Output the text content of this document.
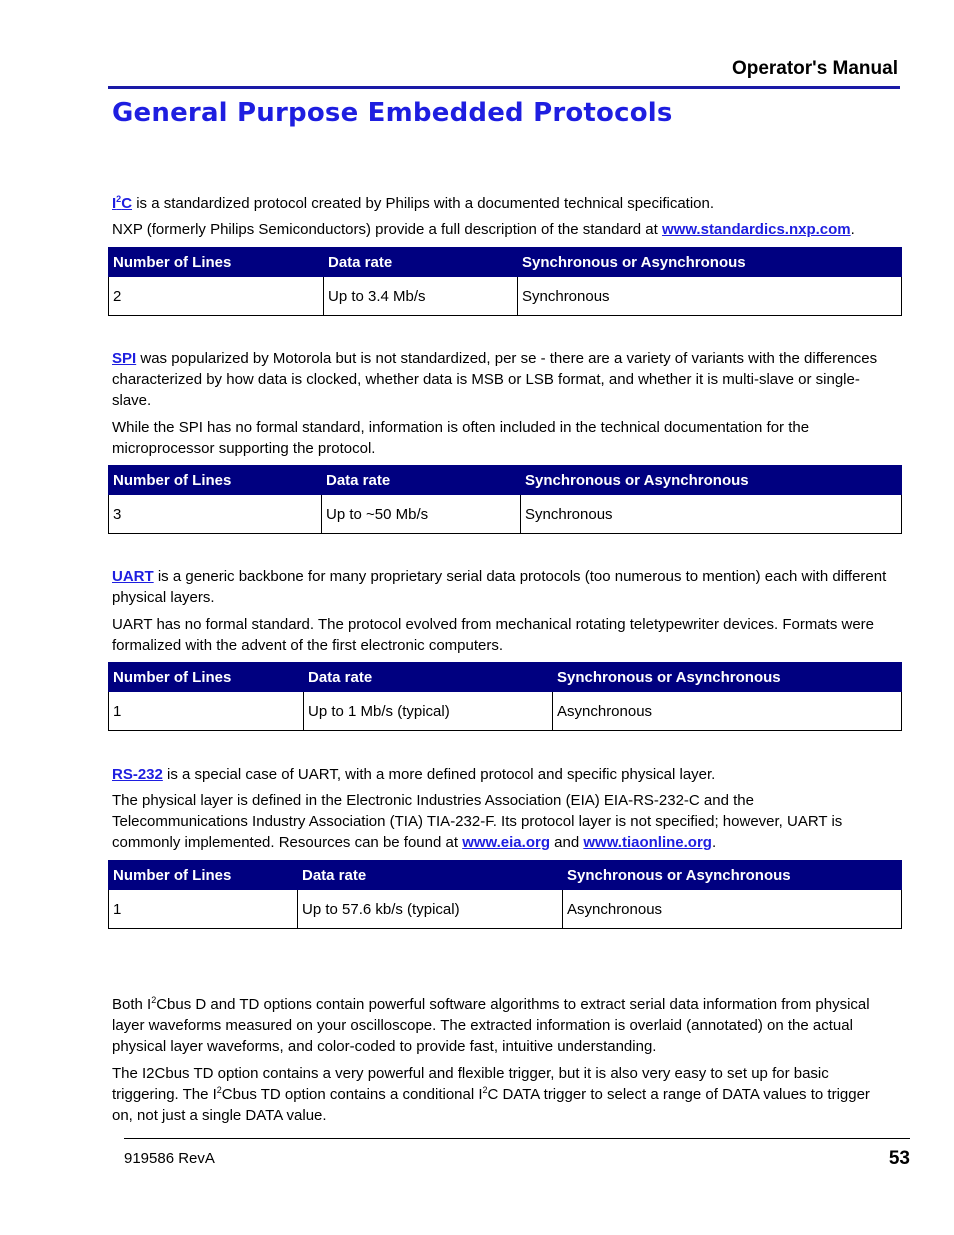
Operator's Manual
General Purpose Embedded Protocols

I$^2$C is a standardized protocol created by Philips with a documented technical specification.

NXP (formerly Philips Semiconductors) provide a full description of the standard at www.standardics.nxp.com.

Number of Lines	Data rate	Synchronous or Asynchronous
2	Up to 3.4 Mb/s	Synchronous

SPI was popularized by Motorola but is not standardized, per se - there are a variety of variants with the differences characterized by how data is clocked, whether data is MSB or LSB format, and whether it is multi-slave or single-slave.

While the SPI has no formal standard, information is often included in the technical documentation for the microprocessor supporting the protocol.

Number of Lines	Data rate	Synchronous or Asynchronous
3	Up to ~50 Mb/s	Synchronous

UART is a generic backbone for many proprietary serial data protocols (too numerous to mention) each with different physical layers.

UART has no formal standard. The protocol evolved from mechanical rotating teletypewriter devices. Formats were formalized with the advent of the first electronic computers.

Number of Lines	Data rate	Synchronous or Asynchronous
1	Up to 1 Mb/s (typical)	Asynchronous

RS-232 is a special case of UART, with a more defined protocol and specific physical layer.

The physical layer is defined in the Electronic Industries Association (EIA) EIA-RS-232-C and the Telecommunications Industry Association (TIA) TIA-232-F. Its protocol layer is not specified; however, UART is commonly implemented. Resources can be found at www.eia.org and www.tiaonline.org.

Number of Lines	Data rate	Synchronous or Asynchronous
1	Up to 57.6 kb/s (typical)	Asynchronous

Both $I^2Cbus$ D and TD options contain powerful software algorithms to extract serial data information from physical layer waveforms measured on your oscilloscope. The extracted information is overlaid (annotated) on the actual physical layer waveforms, and color-coded to provide fast, intuitive understanding.

The I2Cbus TD option contains a very powerful and flexible trigger, but it is also very easy to set up for basic triggering. The $I^2Cbus$ TD option contains a conditional $I^2C$ DATA trigger to select a range of DATA values to trigger on, not just a single DATA value.

919586 RevA	53
